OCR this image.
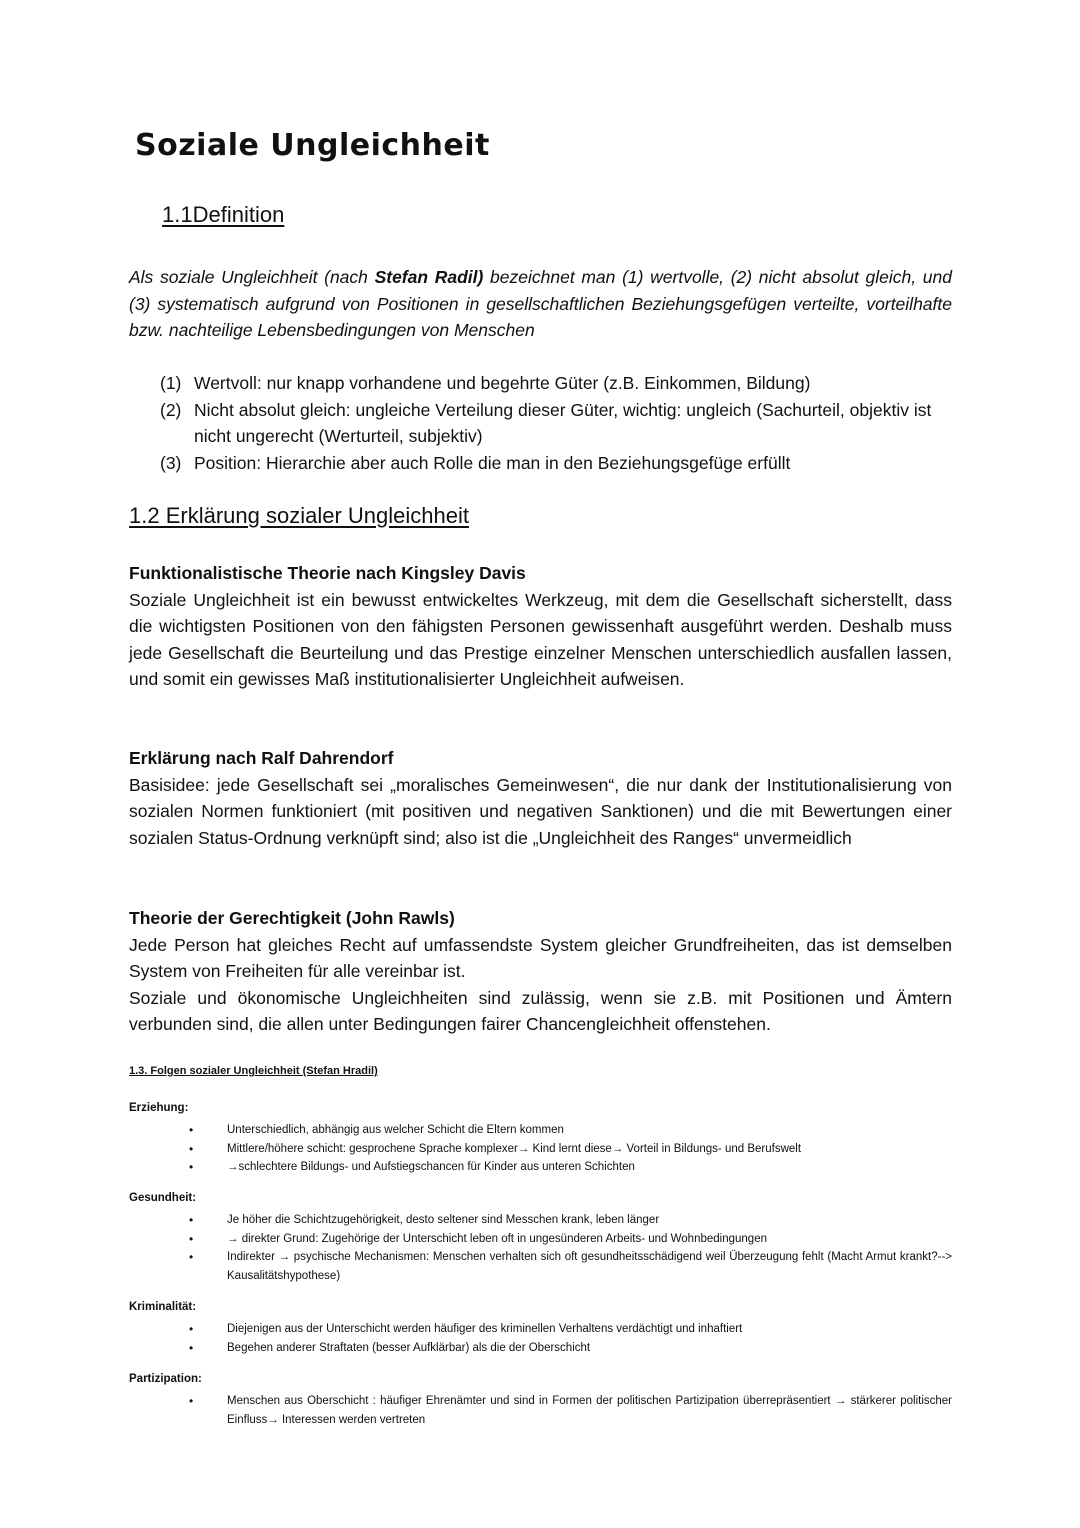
Soziale Ungleichheit
1.1Definition

Als soziale Ungleichheit (nach Stefan Radil) bezeichnet man (1) wertvolle, (2) nicht absolut gleich, und (3) systematisch aufgrund von Positionen in gesellschaftlichen Beziehungsgefügen verteilte, vorteilhafte bzw. nachteilige Lebensbedingungen von Menschen

(1) Wertvoll: nur knapp vorhandene und begehrte Güter (z.B. Einkommen, Bildung)
(2) Nicht absolut gleich: ungleiche Verteilung dieser Güter, wichtig: ungleich (Sachurteil, objektiv ist nicht ungerecht (Werturteil, subjektiv)
(3) Position: Hierarchie aber auch Rolle die man in den Beziehungsgefüge erfüllt
1.2 Erklärung sozialer Ungleichheit
Funktionalistische Theorie nach Kingsley Davis

Soziale Ungleichheit ist ein bewusst entwickeltes Werkzeug, mit dem die Gesellschaft sicherstellt, dass die wichtigsten Positionen von den fähigsten Personen gewissenhaft ausgeführt werden. Deshalb muss jede Gesellschaft die Beurteilung und das Prestige einzelner Menschen unterschiedlich ausfallen lassen, und somit ein gewisses Maß institutionalisierter Ungleichheit aufweisen.

Erklärung nach Ralf Dahrendorf

Basisidee: jede Gesellschaft sei „moralisches Gemeinwesen“, die nur dank der Institutionalisierung von sozialen Normen funktioniert (mit positiven und negativen Sanktionen) und die mit Bewertungen einer sozialen Status-Ordnung verknüpft sind; also ist die „Ungleichheit des Ranges“ unvermeidlich

Theorie der Gerechtigkeit (John Rawls)

Jede Person hat gleiches Recht auf umfassendste System gleicher Grundfreiheiten, das ist demselben System von Freiheiten für alle vereinbar ist.

Soziale und ökonomische Ungleichheiten sind zulässig, wenn sie z.B. mit Positionen und Ämtern verbunden sind, die allen unter Bedingungen fairer Chancengleichheit offenstehen.

1.3. Folgen sozialer Ungleichheit (Stefan Hradil)

Erziehung:

•	Unterschiedlich, abhängig aus welcher Schicht die Eltern kommen
•	Mittlere/höhere schicht: gesprochene Sprache komplexer→ Kind lernt diese→ Vorteil in Bildungs- und Berufswelt
•	→schlechtere Bildungs- und Aufstiegschancen für Kinder aus unteren Schichten

Gesundheit:

•	Je höher die Schichtzugehörigkeit, desto seltener sind Messchen krank, leben länger
•	→ direkter Grund: Zugehörige der Unterschicht leben oft in ungesünderen Arbeits- und Wohnbedingungen
•	Indirekter → psychische Mechanismen: Menschen verhalten sich oft gesundheitsschädigend weil Überzeugung fehlt (Macht Armut krankt?--> Kausalitätshypothese)

Kriminalität:

•	Diejenigen aus der Unterschicht werden häufiger des kriminellen Verhaltens verdächtigt und inhaftiert
•	Begehen anderer Straftaten (besser Aufklärbar) als die der Oberschicht

Partizipation:

•	Menschen aus Oberschicht : häufiger Ehrenämter und sind in Formen der politischen Partizipation überrepräsentiert → stärkerer politischer Einfluss→ Interessen werden vertreten
